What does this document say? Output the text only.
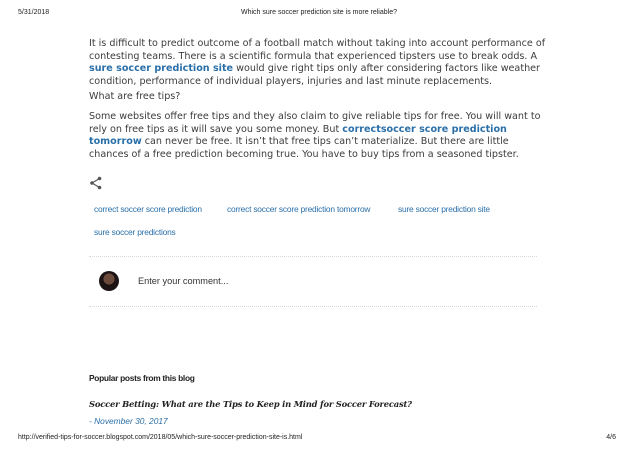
5/31/2018	Which sure soccer prediction site is more reliable?

It is difficult to predict outcome of a football match without taking into account performance of contesting teams. There is a scientific formula that experienced tipsters use to break odds. A sure soccer prediction site would give right tips only after considering factors like weather condition, performance of individual players, injuries and last minute replacements.

What are free tips?

Some websites offer free tips and they also claim to give reliable tips for free. You will want to rely on free tips as it will save you some money. But correctsoccer score prediction tomorrow can never be free. It isn’t that free tips can’t materialize. But there are little chances of a free prediction becoming true. You have to buy tips from a seasoned tipster.

correct soccer score prediction	correct soccer score prediction tomorrow	sure soccer prediction site
sure soccer predictions
Enter your comment...
Popular posts from this blog
Soccer Betting: What are the Tips to Keep in Mind for Soccer Forecast?
- November 30, 2017
http://verified-tips-for-soccer.blogspot.com/2018/05/which-sure-soccer-prediction-site-is.html	4/6
